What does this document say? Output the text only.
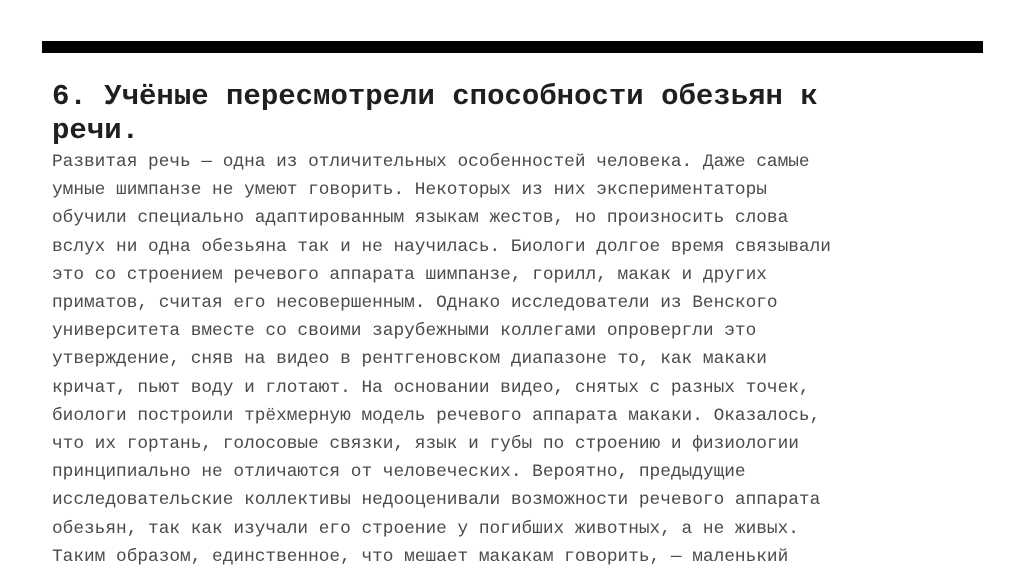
6. Учёные пересмотрели способности обезьян к
речи.
Развитая речь — одна из отличительных особенностей человека. Даже самые
умные шимпанзе не умеют говорить. Некоторых из них экспериментаторы
обучили специально адаптированным языкам жестов, но произносить слова
вслух ни одна обезьяна так и не научилась. Биологи долгое время связывали
это со строением речевого аппарата шимпанзе, горилл, макак и других
приматов, считая его несовершенным. Однако исследователи из Венского
университета вместе со своими зарубежными коллегами опровергли это
утверждение, сняв на видео в рентгеновском диапазоне то, как макаки
кричат, пьют воду и глотают. На основании видео, снятых с разных точек,
биологи построили трёхмерную модель речевого аппарата макаки. Оказалось,
что их гортань, голосовые связки, язык и губы по строению и физиологии
принципиально не отличаются от человеческих. Вероятно, предыдущие
исследовательские коллективы недооценивали возможности речевого аппарата
обезьян, так как изучали его строение у погибших животных, а не живых.
Таким образом, единственное, что мешает макакам говорить, — маленький
